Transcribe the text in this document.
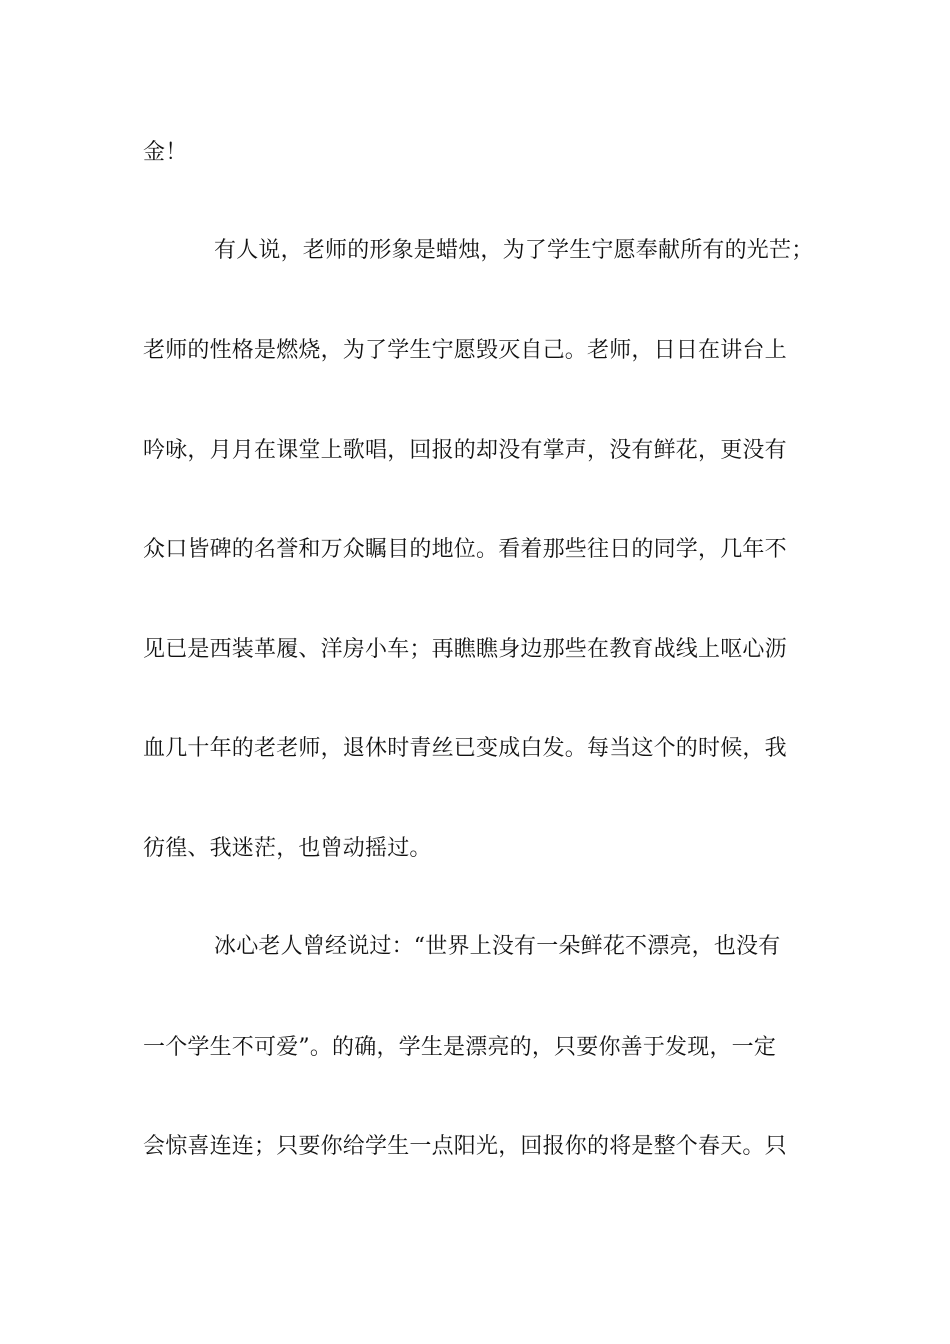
金！
有人说，老师的形象是蜡烛，为了学生宁愿奉献所有的光芒；
老师的性格是燃烧，为了学生宁愿毁灭自己。老师，日日在讲台上
吟咏，月月在课堂上歌唱，回报的却没有掌声，没有鲜花，更没有
众口皆碑的名誉和万众瞩目的地位。看着那些往日的同学，几年不
见已是西装革履、洋房小车；再瞧瞧身边那些在教育战线上呕心沥
血几十年的老老师，退休时青丝已变成白发。每当这个的时候，我
彷徨、我迷茫，也曾动摇过。
冰心老人曾经说过：“世界上没有一朵鲜花不漂亮，也没有
一个学生不可爱”。的确，学生是漂亮的，只要你善于发现，一定
会惊喜连连；只要你给学生一点阳光，回报你的将是整个春天。只
